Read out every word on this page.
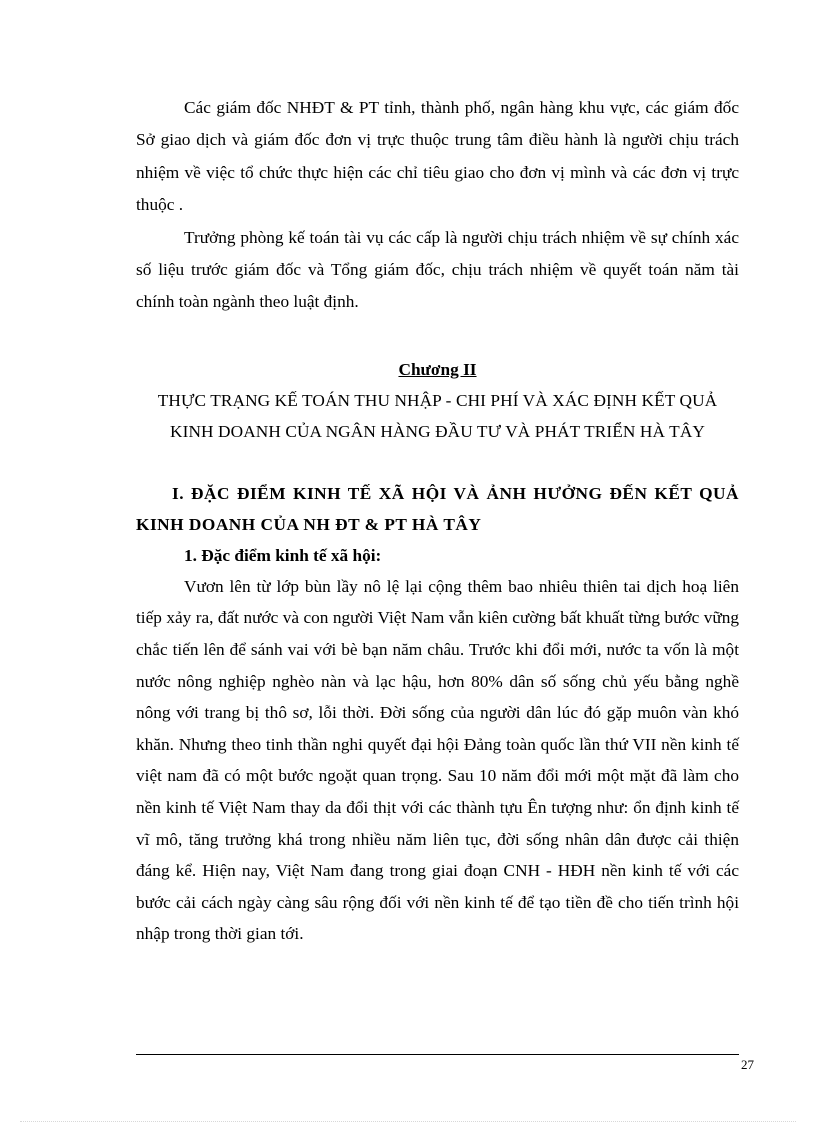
Các giám đốc NHĐT & PT tỉnh, thành phố, ngân hàng khu vực, các giám đốc Sở giao dịch và giám đốc đơn vị trực thuộc trung tâm điều hành là người chịu trách nhiệm về việc tổ chức thực hiện các chỉ tiêu giao cho đơn vị mình và các đơn vị trực thuộc .

Trưởng phòng kế toán tài vụ các cấp là người chịu trách nhiệm về sự chính xác số liệu trước giám đốc và Tổng giám đốc, chịu trách nhiệm về quyết toán năm tài chính toàn ngành theo luật định.

Chương II
THỰC TRẠNG KẾ TOÁN THU NHẬP - CHI PHÍ VÀ XÁC ĐỊNH KẾT QUẢ
KINH DOANH CỦA NGÂN HÀNG ĐẦU TƯ VÀ PHÁT TRIỂN HÀ TÂY
I. ĐẶC ĐIỂM KINH TẾ XÃ HỘI VÀ ẢNH HƯỞNG ĐẾN KẾT QUẢ KINH DOANH CỦA NH ĐT & PT HÀ TÂY
1. Đặc điểm kinh tế xã hội:

Vươn lên từ lớp bùn lầy nô lệ lại cộng thêm bao nhiêu thiên tai dịch hoạ liên tiếp xảy ra, đất nước và con người Việt Nam vẫn kiên cường bất khuất từng bước vững chắc tiến lên để sánh vai với bè bạn năm châu. Trước khi đổi mới, nước ta vốn là một nước nông nghiệp nghèo nàn và lạc hậu, hơn 80% dân số sống chủ yếu bằng nghề nông với trang bị thô sơ, lỗi thời. Đời sống của người dân lúc đó gặp muôn vàn khó khăn. Nhưng theo tinh thần nghi quyết đại hội Đảng toàn quốc lần thứ VII nền kinh tế việt nam đã có một bước ngoặt quan trọng. Sau 10 năm đổi mới một mặt đã làm cho nền kinh tế Việt Nam thay da đổi thịt với các thành tựu Ên tượng như: ổn định kinh tế vĩ mô, tăng trưởng khá trong nhiều năm liên tục, đời sống nhân dân được cải thiện đáng kể. Hiện nay, Việt Nam đang trong giai đoạn CNH - HĐH nền kinh tế với các bước cải cách ngày càng sâu rộng đối với nền kinh tế để tạo tiền đề cho tiến trình hội nhập trong thời gian tới.

27
